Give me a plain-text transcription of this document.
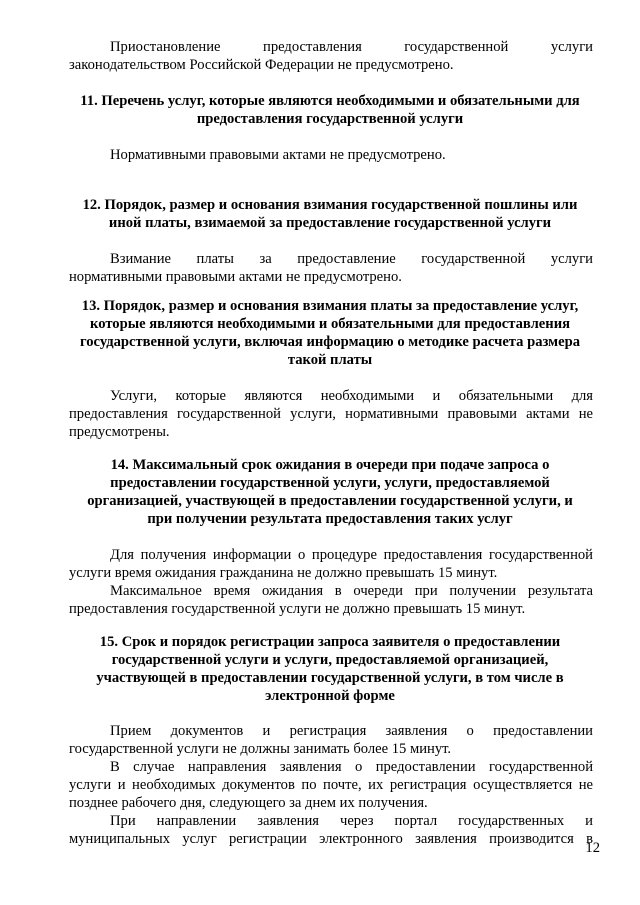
Приостановление предоставления государственной услуги
законодательством Российской Федерации не предусмотрено.
11. Перечень услуг, которые являются необходимыми и обязательными для
предоставления государственной услуги
Нормативными правовыми актами не предусмотрено.
12. Порядок, размер и основания взимания государственной пошлины или
иной платы, взимаемой за предоставление государственной услуги
Взимание платы за предоставление государственной услуги
нормативными правовыми актами не предусмотрено.
13. Порядок, размер и основания взимания платы за предоставление услуг,
которые являются необходимыми и обязательными для предоставления
государственной услуги, включая информацию о методике расчета размера
такой платы
Услуги, которые являются необходимыми и обязательными для
предоставления государственной услуги, нормативными правовыми актами не
предусмотрены.
14. Максимальный срок ожидания в очереди при подаче запроса о
предоставлении государственной услуги, услуги, предоставляемой
организацией, участвующей в предоставлении государственной услуги, и
при получении результата предоставления таких услуг
Для получения информации о процедуре предоставления государственной
услуги время ожидания гражданина не должно превышать 15 минут.
Максимальное время ожидания в очереди при получении результата
предоставления государственной услуги не должно превышать 15 минут.
15. Срок и порядок регистрации запроса заявителя о предоставлении
государственной услуги и услуги, предоставляемой организацией,
участвующей в предоставлении государственной услуги, в том числе в
электронной форме
Прием документов и регистрация заявления о предоставлении
государственной услуги не должны занимать более 15 минут.
В случае направления заявления о предоставлении государственной
услуги и необходимых документов по почте, их регистрация осуществляется не
позднее рабочего дня, следующего за днем их получения.
При направлении заявления через портал государственных и
муниципальных услуг регистрации электронного заявления производится в
12
